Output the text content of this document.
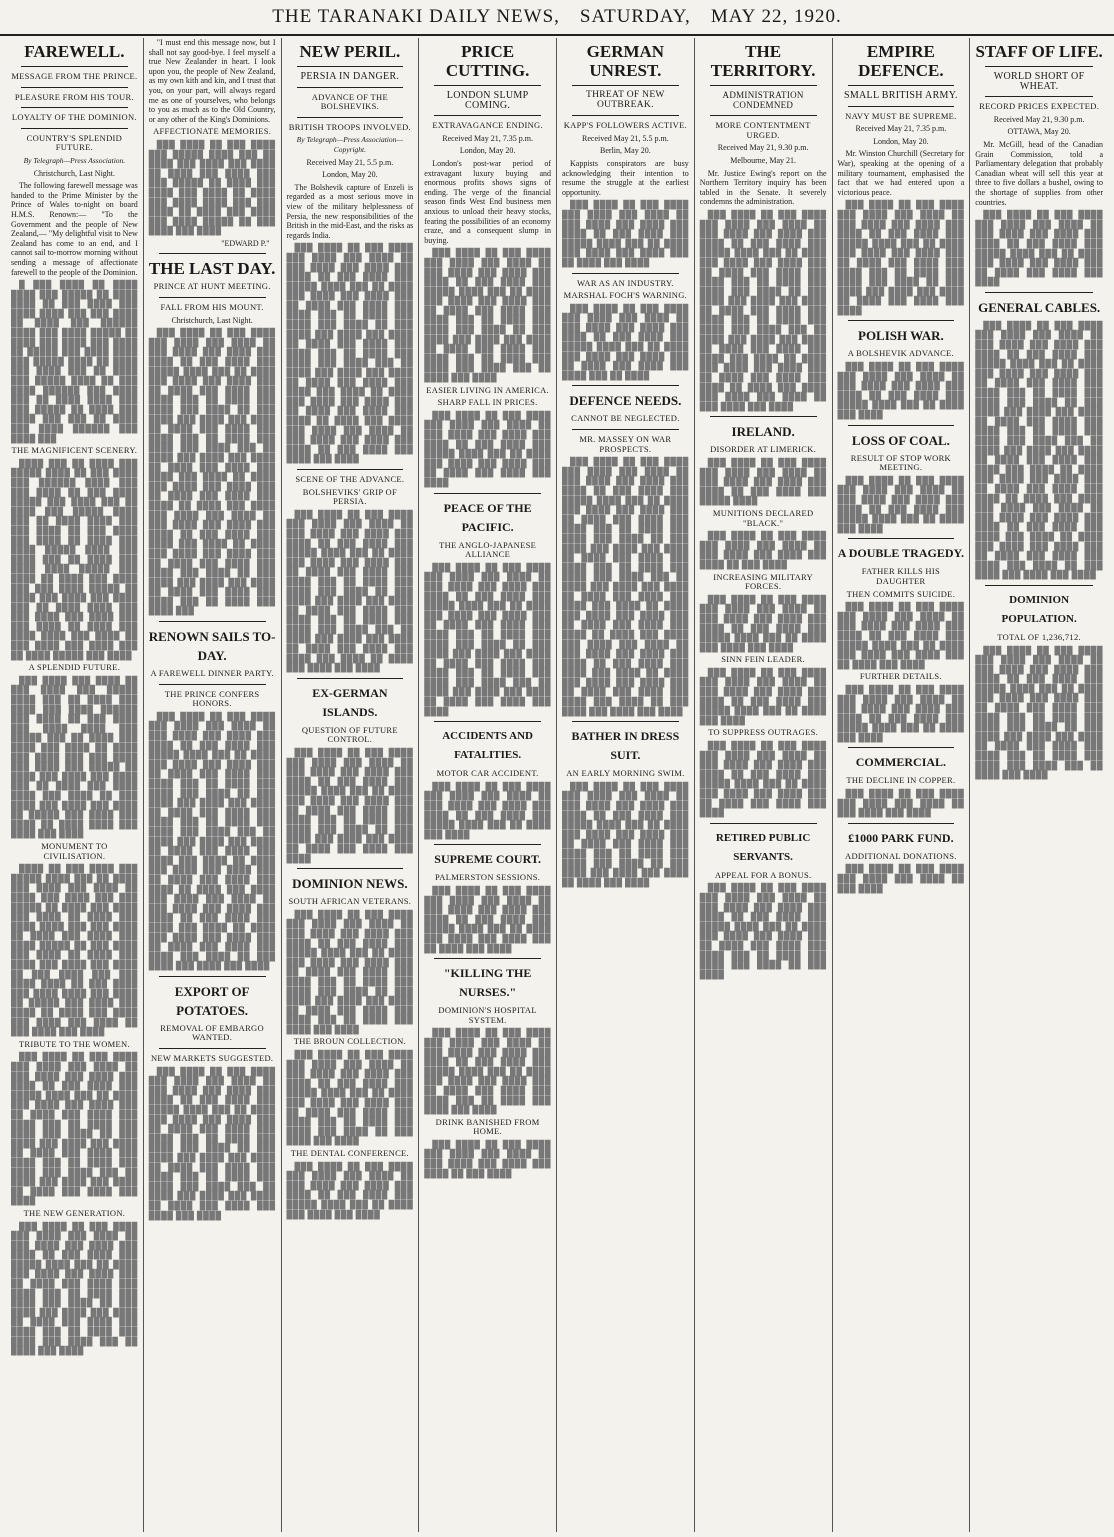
THE TARANAKI DAILY NEWS, SATURDAY, MAY 22, 1920.
FAREWELL.
MESSAGE FROM THE PRINCE.
PLEASURE FROM HIS TOUR.
LOYALTY OF THE DOMINION.
COUNTRY'S SPLENDID FUTURE.
By Telegraph—Press Association.
Christchurch, Last Night.

The following farewell message was handed to the Prime Minister by the Prince of Wales to-night on board H.M.S. Renown:— "To the Government and the people of New Zealand,— "My delightful visit to New Zealand has come to an end, and I cannot sail to-morrow morning without sending a message of affectionate farewell to the people of the Dominion.

█ ███ ████ ██ ████ ████ ███ █████ ██ ████ ████ ██ ███ ████ ███ ████ ████ ███ ███ ████ ██ ████ ███ ██████ ████ ███ ████ █████ ██ ████ ███ ████ ███ ████ ██ █████ ███ ████ ████ ███ █████ ████ ██ ████ ███ ████ ███ ██ ████ ███ █████ ████ ██ ███ ████ ██████ ███ ████ ███ ██ ████ ████ ███ ███ █████ ██ ████ ███ ████ ███ ███ ██ ████ ███ ████ ██████ ███ ████ ███

THE MAGNIFICENT SCENERY.

████ ███ ██ ████ ███ █████ ████ ██ ███ ████ ███ ██████ ████ ███ ███ ████ ██ ███ ████ █████ ███ ████ ███ ██ ████ ███ █████ ████ ███ ██ ████ ████ ███ ███ ████ ██ ███ ████ ███ ████ ██ ████ ███ ████ █████ ████ ███ ████ ███ ██ ████ ███ ████ ████ █████ ███ ████ ██ ████ ███ ████ ███ ███ ████ █████ ██ ████ ███ ████ ███ ████ ███ ██ ████ ████ ███ ███ ████ ███ ████ ███ ███ ████ ██ ████ ███ ████ ████ ███ ████ ██ ███ ████ ███ ████ ███ ██ ████ █████ ███ ████

A SPLENDID FUTURE.

███ ████ ███ ████ ██ ███ ████ ███ █████ ████ ███ ██ ████ ███ ████ ███ ████ ██████ ███ ████ ██ ███ ████ ███ ████ ████ ███ █████ ███ ██ ████ ███ ████ ███ ████ ██ ████ ███ ████ ███ ███ ████ ███ ████ ███ █████ ██ ████ ███ ████ ███ ████ ███ ██ ████ ███ ████ ████ ███ ████ ██ ███ ████ ███ ████ ███ ████ ██ █████ ███ ████ ███ ████ ██ ████ ████ ███ ████ ███ ████

MONUMENT TO CIVILISATION.

████ ██ ███ ████ ███ █████ ████ ███ ██ ████ ███ ████ ███ ████ ██ ████ ███ ████ ███ ███ █████ ██ ████ ███ ████ ███ ████ ██ ████ ███ ████ ████ ███ ███ ████ ██ ████ ███ ████ ███ ████ █████ ██ ███ ████ ███ ████ ██ ████ ███ ████ ███ ████ ███ ████ ██ ███ ████ ███ ███ ████ ████ ██ ███ ████ ███ ████ ████ ███ ████ ██ █████ ███ ████ ███ ████ ██ ████ ███ ████ ███ ████ ███ ████ ██ ███ ████ ███ ████

TRIBUTE TO THE WOMEN.

███ ████ ██ ███ ████ ███ ████ ███ ████ ██ ███ ████ ███ ████ ███ ████ ██ ███ ████ ███ █████ ████ ███ ██ ████ ███ ████ ███ ████ ███ ██ ████ ███ ████ ███ ████ ███ ██ ████ ███ ████ ███ ████ ██ ███ ████ ███ ████ ███ ████ ██ ████ ███ ████ ███ ████ ███ ██ ████ ███ ████ ███ ████ ███ ██ ████ ███ ████ ███ ████ ██ ████ ███ ████ ███ ████

THE NEW GENERATION.

███ ████ ██ ███ ████ ███ ████ ███ ████ ██ ███ ████ ███ ████ ███ ████ ██ ███ ████ ███ █████ ████ ███ ██ ████ ███ ████ ███ ████ ███ ██ ████ ███ ████ ███ ████ ███ ██ ████ ███ ████ ███ ████ ██ ███ ████ ███ ████ ███ ████ ██ ████ ███ ████ ███ ████ ███ ██ ████ ███ ████ ███ ████ ███ ██ ████ ███ ████

"I must end this message now, but I shall not say good-bye. I feel myself a true New Zealander in heart. I look upon you, the people of New Zealand, as my own kith and kin, and I trust that you, on your part, will always regard me as one of yourselves, who belongs to you as much as to the Old Country, or any other of the King's Dominions.

AFFECTIONATE MEMORIES.

███ ████ ██ ███ ████ ███ █████ ████ ███ ██ ████ ███ ████ ███ ████ ██ ████ ███ ████ ███ ███ █████ ██ ████ ███ ████ ███ ████ ██ ████ ███ ████ ████ ███ ███ ████ ██ ████ ███ ████ ███ ████ █████ ██ ███ ████ ███ ████

"EDWARD P."
THE LAST DAY.
PRINCE AT HUNT MEETING.
FALL FROM HIS MOUNT.
Christchurch, Last Night.

███ ████ ██ ███ ████ ███ ████ ███ ████ ██ ███ ████ ███ ████ ███ ████ ██ ███ ████ ███ █████ ████ ███ ██ ████ ███ ████ ███ ████ ███ ██ ████ ███ ████ ███ ████ ███ ██ ████ ███ ████ ███ ████ ██ ███ ████ ███ ████ ███ ████ ██ ████ ███ ████ ███ ████ ███ ██ ████ ███ ████ ███ ████ ███ ██ ████ ███ ████ ███ ████ ██ ████ ███ ████ ███ ████ ███ ████ ██ ████ ███ ████ ███ ████ ███ ██ ████ ███ ████ ███ ████ ██ ████ ███ ████ ███ ████ ███ ████ ██ ███ ████ ███ ████ ███ ████ ██ ███ ████ ███ ████ ███ ████ ██ ████ ███ ████ ███ ████ ███ ██ ████ ███ ████ ███ ████ ███ ████ ██ ███ ████ ███ ████ ███ ████ ██ ████ ███ ████ ███ ████ ███ ██ ████ ███ ████ ███

RENOWN SAILS TO-DAY.
A FAREWELL DINNER PARTY.
THE PRINCE CONFERS HONORS.

███ ████ ██ ███ ████ ███ ████ ███ ████ ██ ███ ████ ███ ████ ███ ████ ██ ███ ████ ███ █████ ████ ███ ██ ████ ███ ████ ███ ████ ███ ██ ████ ███ ████ ███ ████ ███ ██ ████ ███ ████ ███ ████ ██ ███ ████ ███ ████ ███ ████ ██ ████ ███ ████ ███ ████ ███ ██ ████ ███ ████ ███ ████ ███ ██ ████ ███ ████ ███ ████ ██ ████ ███ ████ ███ ████ ███ ████ ██ ████ ███ ████ ███ ████ ███ ██ ████ ███ ████ ███ ████ ██ ████ ███ ████ ███ ████ ███ ████ ██ ███ ████ ███ ████ ███ ████ ██ ███ ████ ███ ████ ███ ████ ██ ████ ███ ████ ███ ████ ███ ██ ████ ███ ████ ███ ████ ███ ████ ██ ███ ████ ███ ████ ███ ████

EXPORT OF POTATOES.
REMOVAL OF EMBARGO WANTED.
NEW MARKETS SUGGESTED.

███ ████ ██ ███ ████ ███ ████ ███ ████ ██ ███ ████ ███ ████ ███ ████ ██ ███ ████ ███ █████ ████ ███ ██ ████ ███ ████ ███ ████ ███ ██ ████ ███ ████ ███ ████ ███ ██ ████ ███ ████ ███ ████ ██ ███ ████ ███ ████ ███ ████ ██ ████ ███ ████ ███ ████ ███ ██ ████ ███ ████ ███ ████ ███ ██ ████ ███ ████ ███ ████ ██ ████ ███ ████ ███ ████ ███ ████

NEW PERIL.
PERSIA IN DANGER.
ADVANCE OF THE BOLSHEVIKS.
BRITISH TROOPS INVOLVED.
By Telegraph—Press Association—Copyright.
Received May 21, 5.5 p.m.
London, May 20.

The Bolshevik capture of Enzeli is regarded as a most serious move in view of the military helplessness of Persia, the new responsibilities of the British in the mid-East, and the risks as regards India.

███ ████ ██ ███ ████ ███ ████ ███ ████ ██ ███ ████ ███ ████ ███ ████ ██ ███ ████ ███ █████ ████ ███ ██ ████ ███ ████ ███ ████ ███ ██ ████ ███ ████ ███ ████ ███ ██ ████ ███ ████ ███ ████ ██ ███ ████ ███ ████ ███ ████ ██ ████ ███ ████ ███ ████ ███ ██ ████ ███ ████ ███ ████ ███ ██ ████ ███ ████ ███ ████ ██ ████ ███ ████ ███ ████ ███ ████ ██ ████ ███ ████ ███ ████ ███ ██ ████ ███ ████ ███ ████ ██ ████ ███ ████ ███ ████ ███ ████ ██ ███ ████ ███ ████ ███ ████ ██ ███ ████ ███ ████ ███ ████

SCENE OF THE ADVANCE.
BOLSHEVIKS' GRIP OF PERSIA.

███ ████ ██ ███ ████ ███ ████ ███ ████ ██ ███ ████ ███ ████ ███ ████ ██ ███ ████ ███ █████ ████ ███ ██ ████ ███ ████ ███ ████ ███ ██ ████ ███ ████ ███ ████ ███ ██ ████ ███ ████ ███ ████ ██ ███ ████ ███ ████ ███ ████ ██ ████ ███ ████ ███ ████ ███ ██ ████ ███ ████ ███ ████ ███ ██ ████ ███ ████ ███ ████ ██ ████ ███ ████ ███ ████ ███ ████ ██ ████ ███ ████ ███ ████

EX-GERMAN ISLANDS.
QUESTION OF FUTURE CONTROL.

███ ████ ██ ███ ████ ███ ████ ███ ████ ██ ███ ████ ███ ████ ███ ████ ██ ███ ████ ███ █████ ████ ███ ██ ████ ███ ████ ███ ████ ███ ██ ████ ███ ████ ███ ████ ███ ██ ████ ███ ████ ███ ████ ██ ███ ████ ███ ████ ███ ████ ██ ████ ███ ████ ███ ████

DOMINION NEWS.
SOUTH AFRICAN VETERANS.

███ ████ ██ ███ ████ ███ ████ ███ ████ ██ ███ ████ ███ ████ ███ ████ ██ ███ ████ ███ █████ ████ ███ ██ ████ ███ ████ ███ ████ ███ ██ ████ ███ ████ ███ ████ ███ ██ ████ ███ ████ ███ ████ ██ ███ ████ ███ ████ ███ ████ ██ ████ ███ ████ ███ ████ ███ ██ ████ ███ ████ ███ ████

THE BROUN COLLECTION.

███ ████ ██ ███ ████ ███ ████ ███ ████ ██ ███ ████ ███ ████ ███ ████ ██ ███ ████ ███ █████ ████ ███ ██ ████ ███ ████ ███ ████ ███ ██ ████ ███ ████ ███ ████ ███ ██ ████ ███ ████ ███ ████ ██ ███ ████ ███ ████

THE DENTAL CONFERENCE.

███ ████ ██ ███ ████ ███ ████ ███ ████ ██ ███ ████ ███ ████ ███ ████ ██ ███ ████ ███ █████ ████ ███ ██ ████ ███ ████ ███ ████

PRICE CUTTING.
LONDON SLUMP COMING.
EXTRAVAGANCE ENDING.
Received May 21, 7.35 p.m.
London, May 20.

London's post-war period of extravagant luxury buying and enormous profits shows signs of ending. The verge of the financial season finds West End business men anxious to unload their heavy stocks, fearing the possibilities of an economy craze, and a consequent slump in buying.

███ ████ ██ ███ ████ ███ ████ ███ ████ ██ ███ ████ ███ ████ ███ ████ ██ ███ ████ ███ █████ ████ ███ ██ ████ ███ ████ ███ ████ ███ ██ ████ ███ ████ ███ ████ ███ ██ ████ ███ ████ ███ ████ ██ ███ ████ ███ ████ ███ ████ ██ ████ ███ ████ ███ ████ ███ ██ ████ ███ ████ ███ ████ ███ ██ ████ ███ ████

EASIER LIVING IN AMERICA.
SHARP FALL IN PRICES.

███ ████ ██ ███ ████ ███ ████ ███ ████ ██ ███ ████ ███ ████ ███ ████ ██ ███ ████ ███ █████ ████ ███ ██ ████ ███ ████ ███ ████ ███ ██ ████ ███ ████ ███ ████

PEACE OF THE PACIFIC.
THE ANGLO-JAPANESE ALLIANCE

███ ████ ██ ███ ████ ███ ████ ███ ████ ██ ███ ████ ███ ████ ███ ████ ██ ███ ████ ███ █████ ████ ███ ██ ████ ███ ████ ███ ████ ███ ██ ████ ███ ████ ███ ████ ███ ██ ████ ███ ████ ███ ████ ██ ███ ████ ███ ████ ███ ████ ██ ████ ███ ████ ███ ████ ███ ██ ████ ███ ████ ███ ████ ███ ██ ████ ███ ████ ███ ████ ██ ████ ███ ████ ███ ████

ACCIDENTS AND FATALITIES.
MOTOR CAR ACCIDENT.

███ ████ ██ ███ ████ ███ ████ ███ ████ ██ ███ ████ ███ ████ ███ ████ ██ ███ ████ ███ █████ ████ ███ ██ ████ ███ ████

SUPREME COURT.
PALMERSTON SESSIONS.

███ ████ ██ ███ ████ ███ ████ ███ ████ ██ ███ ████ ███ ████ ███ ████ ██ ███ ████ ███ █████ ████ ███ ██ ████ ███ ████ ███ ████ ███ ██ ████ ███ ████

"KILLING THE NURSES."
DOMINION'S HOSPITAL SYSTEM.

███ ████ ██ ███ ████ ███ ████ ███ ████ ██ ███ ████ ███ ████ ███ ████ ██ ███ ████ ███ █████ ████ ███ ██ ████ ███ ████ ███ ████ ███ ██ ████ ███ ████ ███ ████ ███ ██ ████ ███ ████ ███ ████

DRINK BANISHED FROM HOME.

███ ████ ██ ███ ████ ███ ████ ███ ████ ██ ███ ████ ███ ████ ███ ████ ██ ███ ████

GERMAN UNREST.
THREAT OF NEW OUTBREAK.
KAPP'S FOLLOWERS ACTIVE.
Received May 21, 5.5 p.m.
Berlin, May 20.

Kappists conspirators are busy acknowledging their intention to resume the struggle at the earliest opportunity.

███ ████ ██ ███ ████ ███ ████ ███ ████ ██ ███ ████ ███ ████ ███ ████ ██ ███ ████ ███ █████ ████ ███ ██ ████ ███ ████ ███ ████ ███ ██ ████ ███ ████

WAR AS AN INDUSTRY.
MARSHAL FOCH'S WARNING.

███ ████ ██ ███ ████ ███ ████ ███ ████ ██ ███ ████ ███ ████ ███ ████ ██ ███ ████ ███ █████ ████ ███ ██ ████ ███ ████ ███ ████ ███ ██ ████ ███ ████ ███ ████ ███ ██ ████

DEFENCE NEEDS.
CANNOT BE NEGLECTED.
MR. MASSEY ON WAR PROSPECTS.

███ ████ ██ ███ ████ ███ ████ ███ ████ ██ ███ ████ ███ ████ ███ ████ ██ ███ ████ ███ █████ ████ ███ ██ ████ ███ ████ ███ ████ ███ ██ ████ ███ ████ ███ ████ ███ ██ ████ ███ ████ ███ ████ ██ ███ ████ ███ ████ ███ ████ ██ ████ ███ ████ ███ ████ ███ ██ ████ ███ ████ ███ ████ ███ ██ ████ ███ ████ ███ ████ ██ ████ ███ ████ ███ ████ ███ ████ ██ ████ ███ ████ ███ ████ ███ ██ ████ ███ ████ ███ ████ ██ ████ ███ ████ ███ ████ ███ ████ ██ ███ ████ ███ ████ ███ ████ ██ ███ ████ ███ ████ ███ ████ ██ ████ ███ ████ ███ ████ ███ ██ ████ ███ ████ ███ ████ ███ ████ ██ ███ ████ ███ ████ ███ ████

BATHER IN DRESS SUIT.
AN EARLY MORNING SWIM.

███ ████ ██ ███ ████ ███ ████ ███ ████ ██ ███ ████ ███ ████ ███ ████ ██ ███ ████ ███ █████ ████ ███ ██ ████ ███ ████ ███ ████ ███ ██ ████ ███ ████ ███ ████ ███ ██ ████ ███ ████ ███ ████ ██ ███ ████ ███ ████ ███ ████ ██ ████ ███ ████

THE TERRITORY.
ADMINISTRATION CONDEMNED
MORE CONTENTMENT URGED.
Received May 21, 9.30 p.m.
Melbourne, May 21.

Mr. Justice Ewing's report on the Northern Territory inquiry has been tabled in the Senate. It severely condemns the administration.

███ ████ ██ ███ ████ ███ ████ ███ ████ ██ ███ ████ ███ ████ ███ ████ ██ ███ ████ ███ █████ ████ ███ ██ ████ ███ ████ ███ ████ ███ ██ ████ ███ ████ ███ ████ ███ ██ ████ ███ ████ ███ ████ ██ ███ ████ ███ ████ ███ ████ ██ ████ ███ ████ ███ ████ ███ ██ ████ ███ ████ ███ ████ ███ ██ ████ ███ ████ ███ ████ ██ ████ ███ ████ ███ ████ ███ ████ ██ ████ ███ ████ ███ ████ ███ ██ ████ ███ ████ ███ ████ ██ ████ ███ ████ ███ ████ ███ ████ ██ ███ ████ ███ ████

IRELAND.
DISORDER AT LIMERICK.

███ ████ ██ ███ ████ ███ ████ ███ ████ ██ ███ ████ ███ ████ ███ ████ ██ ███ ████ ███ █████ ████

MUNITIONS DECLARED "BLACK."

███ ████ ██ ███ ████ ███ ████ ███ ████ ██ ███ ████ ███ ████ ███ ████ ██ ███ ████

INCREASING MILITARY FORCES.

███ ████ ██ ███ ████ ███ ████ ███ ████ ██ ███ ████ ███ ████ ███ ████ ██ ███ ████ ███ █████ ████ ███ ██ ████ ███ ████ ███ ████

SINN FEIN LEADER.

███ ████ ██ ███ ████ ███ ████ ███ ████ ██ ███ ████ ███ ████ ███ ████ ██ ███ ████ ███ █████ ████ ███ ██ ████ ███ ████

TO SUPPRESS OUTRAGES.

███ ████ ██ ███ ████ ███ ████ ███ ████ ██ ███ ████ ███ ████ ███ ████ ██ ███ ████ ███ █████ ████ ███ ██ ████ ███ ████ ███ ████ ███ ██ ████ ███ ████ ███ ████

RETIRED PUBLIC SERVANTS.
APPEAL FOR A BONUS.

███ ████ ██ ███ ████ ███ ████ ███ ████ ██ ███ ████ ███ ████ ███ ████ ██ ███ ████ ███ █████ ████ ███ ██ ████ ███ ████ ███ ████ ███ ██ ████ ███ ████ ███ ████ ███ ██ ████ ███ ████ ███ ████ ██ ███ ████

EMPIRE DEFENCE.
SMALL BRITISH ARMY.
NAVY MUST BE SUPREME.
Received May 21, 7.35 p.m.
London, May 20.

Mr. Winston Churchill (Secretary for War), speaking at the opening of a military tournament, emphasised the fact that we had entered upon a victorious peace.

███ ████ ██ ███ ████ ███ ████ ███ ████ ██ ███ ████ ███ ████ ███ ████ ██ ███ ████ ███ █████ ████ ███ ██ ████ ███ ████ ███ ████ ███ ██ ████ ███ ████ ███ ████ ███ ██ ████ ███ ████ ███ ████ ██ ███ ████ ███ ████ ███ ████ ██ ████ ███ ████ ███ ████

POLISH WAR.
A BOLSHEVIK ADVANCE.

███ ████ ██ ███ ████ ███ ████ ███ ████ ██ ███ ████ ███ ████ ███ ████ ██ ███ ████ ███ █████ ████ ███ ██ ████ ███ ████

LOSS OF COAL.
RESULT OF STOP WORK MEETING.

███ ████ ██ ███ ████ ███ ████ ███ ████ ██ ███ ████ ███ ████ ███ ████ ██ ███ ████ ███ █████ ████ ███ ██ ████ ███ ████

A DOUBLE TRAGEDY.
FATHER KILLS HIS DAUGHTER
THEN COMMITS SUICIDE.

███ ████ ██ ███ ████ ███ ████ ███ ████ ██ ███ ████ ███ ████ ███ ████ ██ ███ ████ ███ █████ ████ ███ ██ ████ ███ ████ ███ ████ ███ ██ ████ ███ ████

FURTHER DETAILS.

███ ████ ██ ███ ████ ███ ████ ███ ████ ██ ███ ████ ███ ████ ███ ████ ██ ███ ████ ███ █████ ████ ███ ██ ████ ███ ████

COMMERCIAL.
THE DECLINE IN COPPER.

███ ████ ██ ███ ████ ███ ████ ███ ████ ██ ███ ████ ███ ████

£1000 PARK FUND.
ADDITIONAL DONATIONS.

███ ████ ██ ███ ████ ███ ████ ███ ████ ██ ███ ████

STAFF OF LIFE.
WORLD SHORT OF WHEAT.
RECORD PRICES EXPECTED.
Received May 21, 9.30 p.m.
OTTAWA, May 20.

Mr. McGill, head of the Canadian Grain Commission, told a Parliamentary delegation that probably Canadian wheat will sell this year at three to five dollars a bushel, owing to the shortage of supplies from other countries.

███ ████ ██ ███ ████ ███ ████ ███ ████ ██ ███ ████ ███ ████ ███ ████ ██ ███ ████ ███ █████ ████ ███ ██ ████ ███ ████ ███ ████ ███ ██ ████ ███ ████ ███ ████

GENERAL CABLES.

███ ████ ██ ███ ████ ███ ████ ███ ████ ██ ███ ████ ███ ████ ███ ████ ██ ███ ████ ███ █████ ████ ███ ██ ████ ███ ████ ███ ████ ███ ██ ████ ███ ████ ███ ████ ███ ██ ████ ███ ████ ███ ████ ██ ███ ████ ███ ████ ███ ████ ██ ████ ███ ████ ███ ████ ███ ██ ████ ███ ████ ███ ████ ███ ██ ████ ███ ████ ███ ████ ██ ████ ███ ████ ███ ████ ███ ████ ██ ████ ███ ████ ███ ████ ███ ██ ████ ███ ████ ███ ████ ██ ████ ███ ████ ███ ████ ███ ████ ██ ███ ████ ███ ████ ███ ████ ██ ███ ████ ███ ████ ███ ████ ██ ████ ███ ████ ███ ████ ███ ██ ████ ███ ████ ███ ████ ███ ████ ██ ███ ████ ███ ████ ███ ████

DOMINION POPULATION.
TOTAL OF 1,236,712.

███ ████ ██ ███ ████ ███ ████ ███ ████ ██ ███ ████ ███ ████ ███ ████ ██ ███ ████ ███ █████ ████ ███ ██ ████ ███ ████ ███ ████ ███ ██ ████ ███ ████ ███ ████ ███ ██ ████ ███ ████ ███ ████ ██ ███ ████ ███ ████ ███ ████ ██ ████ ███ ████ ███ ████ ███ ██ ████ ███ ████ ███ ████ ███ ██ ████ ███ ████
